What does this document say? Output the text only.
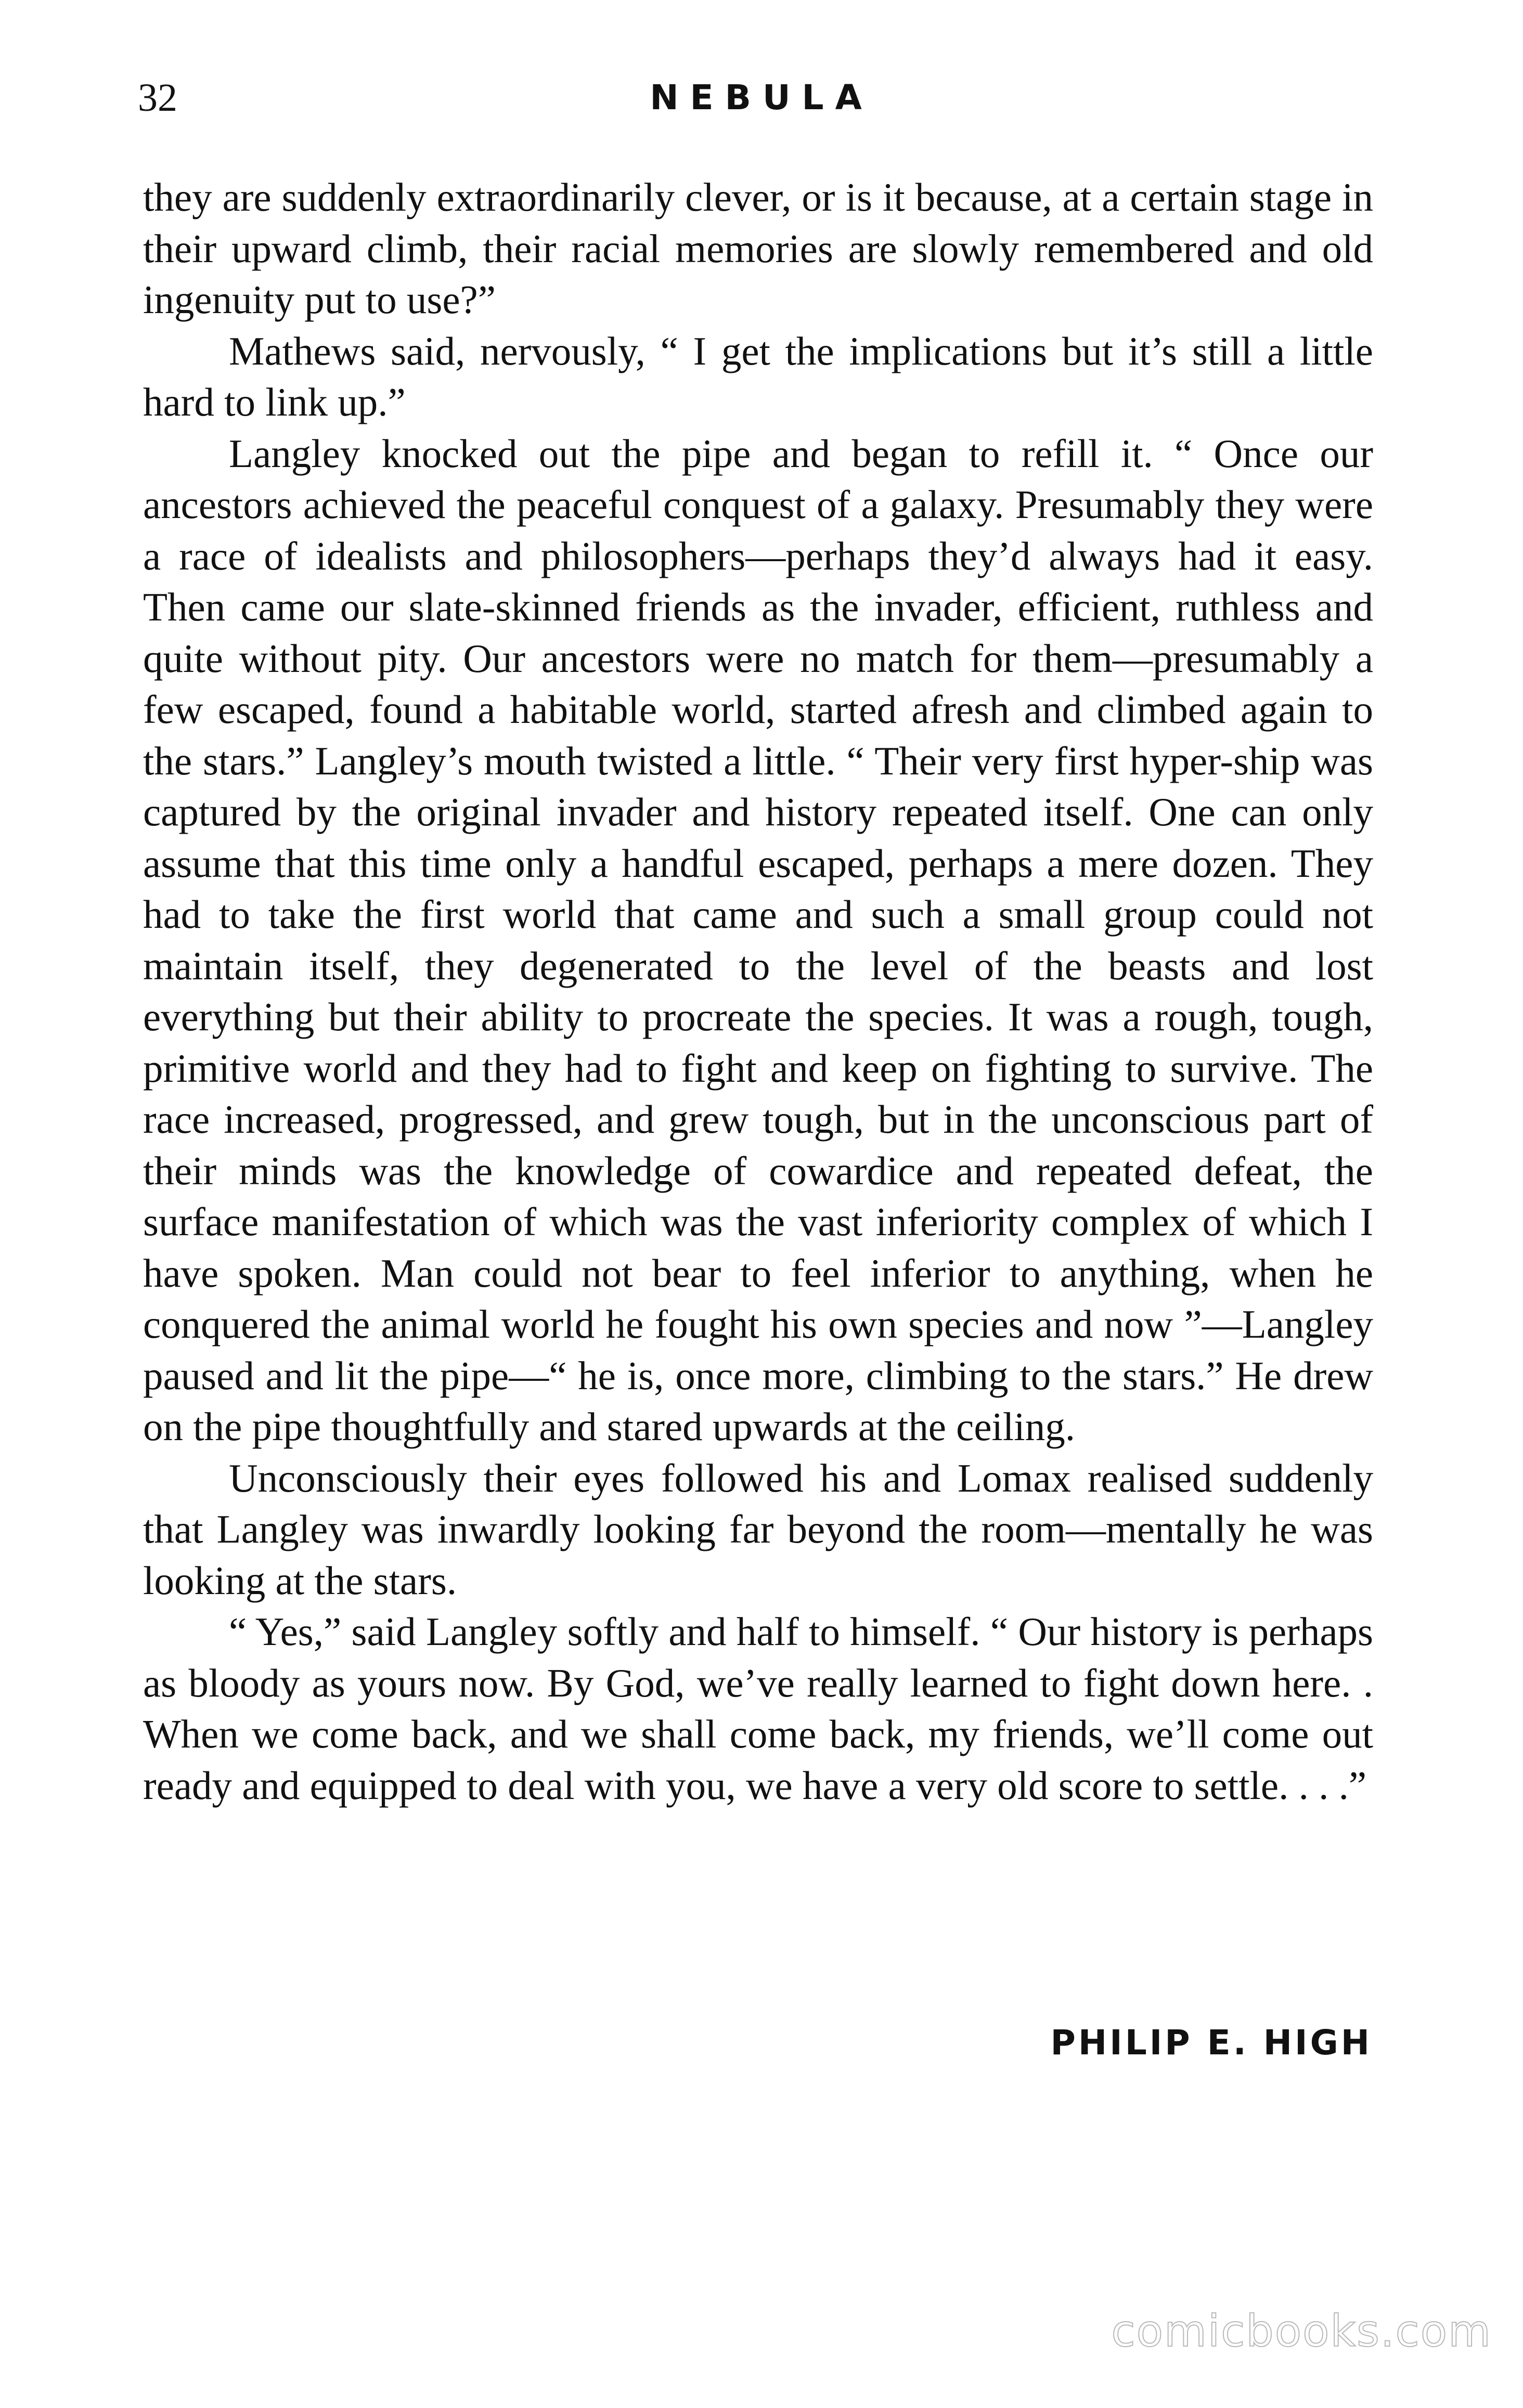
32	NEBULA

they are suddenly extraordinarily clever, or is it because, at a certain stage in their upward climb, their racial memories are slowly remembered and old ingenuity put to use?”

Mathews said, nervously, “ I get the implications but it’s still a little hard to link up.”

Langley knocked out the pipe and began to refill it. “ Once our ancestors achieved the peaceful conquest of a galaxy. Presumably they were a race of idealists and philosophers—perhaps they’d always had it easy. Then came our slate-skinned friends as the invader, efficient, ruthless and quite without pity. Our ancestors were no match for them—presumably a few escaped, found a habitable world, started afresh and climbed again to the stars.” Langley’s mouth twisted a little. “ Their very first hyper-ship was captured by the original invader and history repeated itself. One can only assume that this time only a handful escaped, perhaps a mere dozen. They had to take the first world that came and such a small group could not maintain itself, they degenerated to the level of the beasts and lost everything but their ability to procreate the species. It was a rough, tough, primitive world and they had to fight and keep on fighting to survive. The race increased, progressed, and grew tough, but in the unconscious part of their minds was the knowledge of cowardice and repeated defeat, the surface manifestation of which was the vast inferiority complex of which I have spoken. Man could not bear to feel inferior to anything, when he conquered the animal world he fought his own species and now ”—Langley paused and lit the pipe—“ he is, once more, climbing to the stars.” He drew on the pipe thoughtfully and stared upwards at the ceiling.

Unconsciously their eyes followed his and Lomax realised suddenly that Langley was inwardly looking far beyond the room—mentally he was looking at the stars.

“ Yes,” said Langley softly and half to himself. “ Our history is perhaps as bloody as yours now. By God, we’ve really learned to fight down here. . When we come back, and we shall come back, my friends, we’ll come out ready and equipped to deal with you, we have a very old score to settle. . . .”

PHILIP E. HIGH
comicbooks.com
